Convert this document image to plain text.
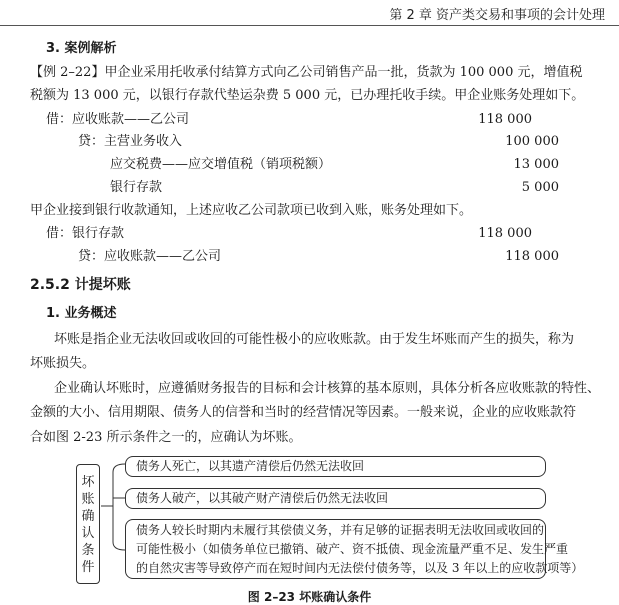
第 2 章 资产类交易和事项的会计处理
3. 案例解析
【例 2–22】甲企业采用托收承付结算方式向乙公司销售产品一批，货款为 100 000 元，增值税
税额为 13 000 元，以银行存款代垫运杂费 5 000 元，已办理托收手续。甲企业账务处理如下。
借：应收账款——乙公司	118 000
贷：主营业务收入	100 000
应交税费——应交增值税（销项税额）	13 000
银行存款	5 000
甲企业接到银行收款通知，上述应收乙公司款项已收到入账，账务处理如下。
借：银行存款	118 000
贷：应收账款——乙公司	118 000
2.5.2 计提坏账
1. 业务概述
坏账是指企业无法收回或收回的可能性极小的应收账款。由于发生坏账而产生的损失，称为
坏账损失。
企业确认坏账时，应遵循财务报告的目标和会计核算的基本原则，具体分析各应收账款的特性、
金额的大小、信用期限、债务人的信誉和当时的经营情况等因素。一般来说，企业的应收账款符
合如图 2-23 所示条件之一的，应确认为坏账。
坏
账
确
认
条
件
债务人死亡，以其遗产清偿后仍然无法收回
债务人破产，以其破产财产清偿后仍然无法收回
债务人较长时期内未履行其偿债义务，并有足够的证据表明无法收回或收回的
可能性极小（如债务单位已撤销、破产、资不抵债、现金流量严重不足、发生严重
的自然灾害等导致停产而在短时间内无法偿付债务等，以及 3 年以上的应收款项等）
图 2–23 坏账确认条件
